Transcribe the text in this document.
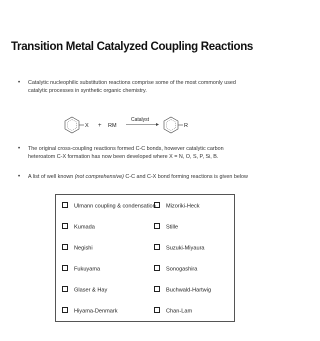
Transition Metal Catalyzed Coupling Reactions
• Catalytic nucleophilic substitution reactions comprise some of the most commonly used catalytic processes in synthetic organic chemistry.
X + RM
Catalyst
R
• The original cross-coupling reactions formed C-C bonds, however catalytic carbon heteroatom C-X formation has now been developed where X = N, O, S, P, Si, B.
• A list of well known (not comprehensive) C-C and C-X bond forming reactions is given below
Ulmann coupling & condensation
Kumada
Negishi
Fukuyama
Glaser & Hay
Hiyama-Denmark
Mizoriki-Heck
Stille
Suzuki-Miyaura
Sonogashira
Buchwald-Hartwig
Chan-Lam
